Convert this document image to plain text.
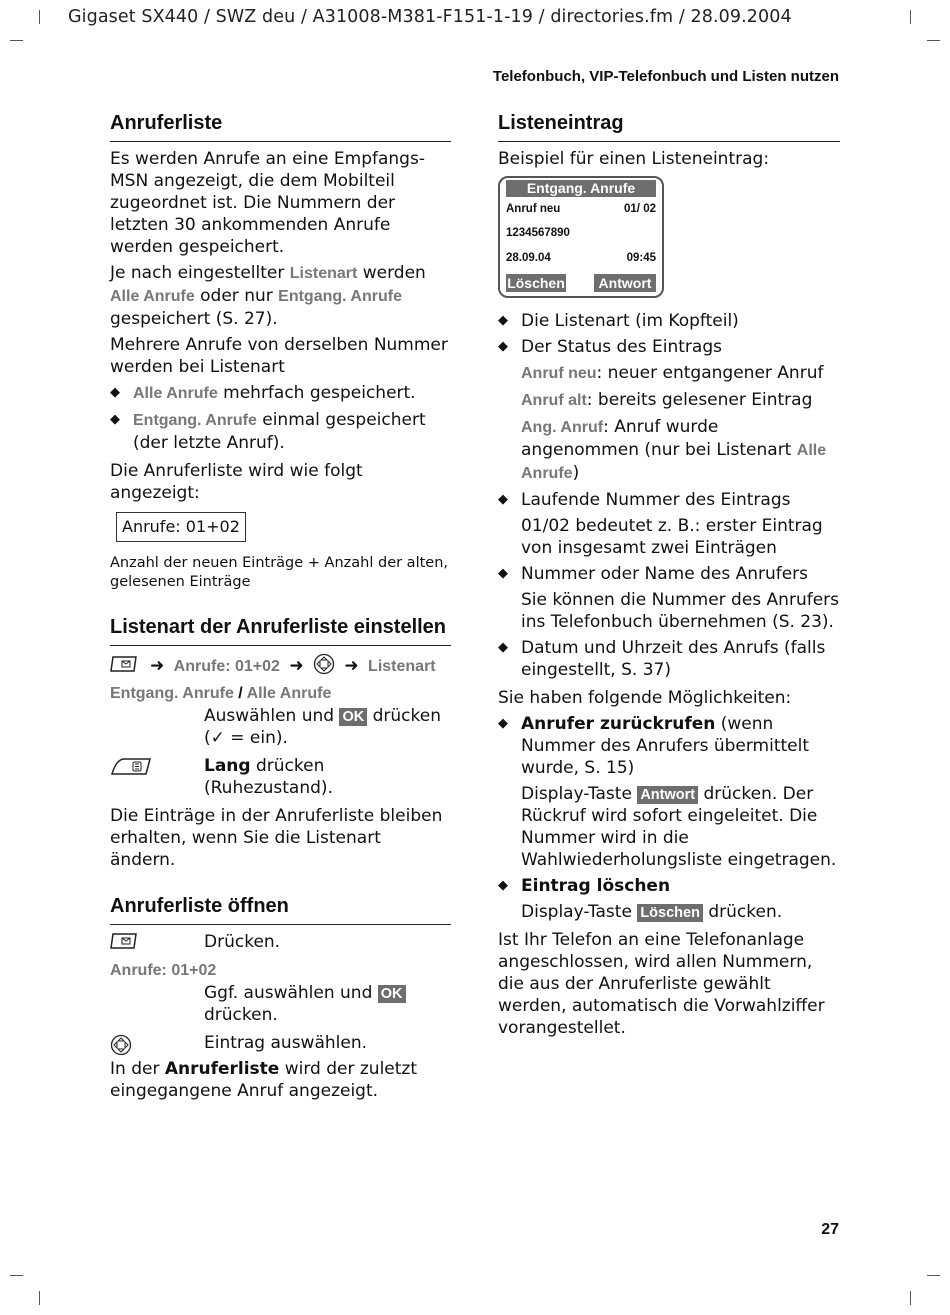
Gigaset SX440 / SWZ deu / A31008-M381-F151-1-19 / directories.fm / 28.09.2004
Telefonbuch, VIP-Telefonbuch und Listen nutzen
27
Anruferliste

Es werden Anrufe an eine Empfangs-MSN angezeigt, die dem Mobilteil zugeordnet ist. Die Nummern der letzten 30 ankommenden Anrufe werden gespeichert.

Je nach eingestellter Listenart werden Alle Anrufe oder nur Entgang. Anrufe gespeichert (S. 27).

Mehrere Anrufe von derselben Nummer werden bei Listenart

◆ Alle Anrufe mehrfach gespeichert.

◆ Entgang. Anrufe einmal gespeichert (der letzte Anruf).

Die Anruferliste wird wie folgt angezeigt:

Anrufe: 01+02

Anzahl der neuen Einträge + Anzahl der alten, gelesenen Einträge

Listenart der Anruferliste einstellen
➜ Anrufe: 01+02 ➜ ➜ Listenart

Entgang. Anrufe / Alle Anrufe

Auswählen und OK drücken
(✓ = ein).
Lang drücken (Ruhezustand).

Die Einträge in der Anruferliste bleiben erhalten, wenn Sie die Listenart ändern.

Anruferliste öffnen
Drücken.

Anrufe: 01+02

Ggf. auswählen und OK
drücken.
Eintrag auswählen.

In der Anruferliste wird der zuletzt eingegangene Anruf angezeigt.

Listeneintrag

Beispiel für einen Listeneintrag:

Entgang. Anrufe
Anruf neu	01/ 02
1234567890
28.09.04	09:45
Löschen	Antwort

◆ Die Listenart (im Kopfteil)

◆ Der Status des Eintrags

Anruf neu: neuer entgangener Anruf

Anruf alt: bereits gelesener Eintrag

Ang. Anruf: Anruf wurde angenommen (nur bei Listenart Alle Anrufe)

◆ Laufende Nummer des Eintrags

01/02 bedeutet z. B.: erster Eintrag von insgesamt zwei Einträgen

◆ Nummer oder Name des Anrufers

Sie können die Nummer des Anrufers ins Telefonbuch übernehmen (S. 23).

◆ Datum und Uhrzeit des Anrufs (falls eingestellt, S. 37)

Sie haben folgende Möglichkeiten:

◆ Anrufer zurückrufen (wenn Nummer des Anrufers übermittelt wurde, S. 15)

Display-Taste Antwort drücken. Der Rückruf wird sofort eingeleitet. Die Nummer wird in die Wahlwiederholungsliste eingetragen.

◆ Eintrag löschen

Display-Taste Löschen drücken.

Ist Ihr Telefon an eine Telefonanlage angeschlossen, wird allen Nummern, die aus der Anruferliste gewählt werden, automatisch die Vorwahlziffer vorangestellet.
